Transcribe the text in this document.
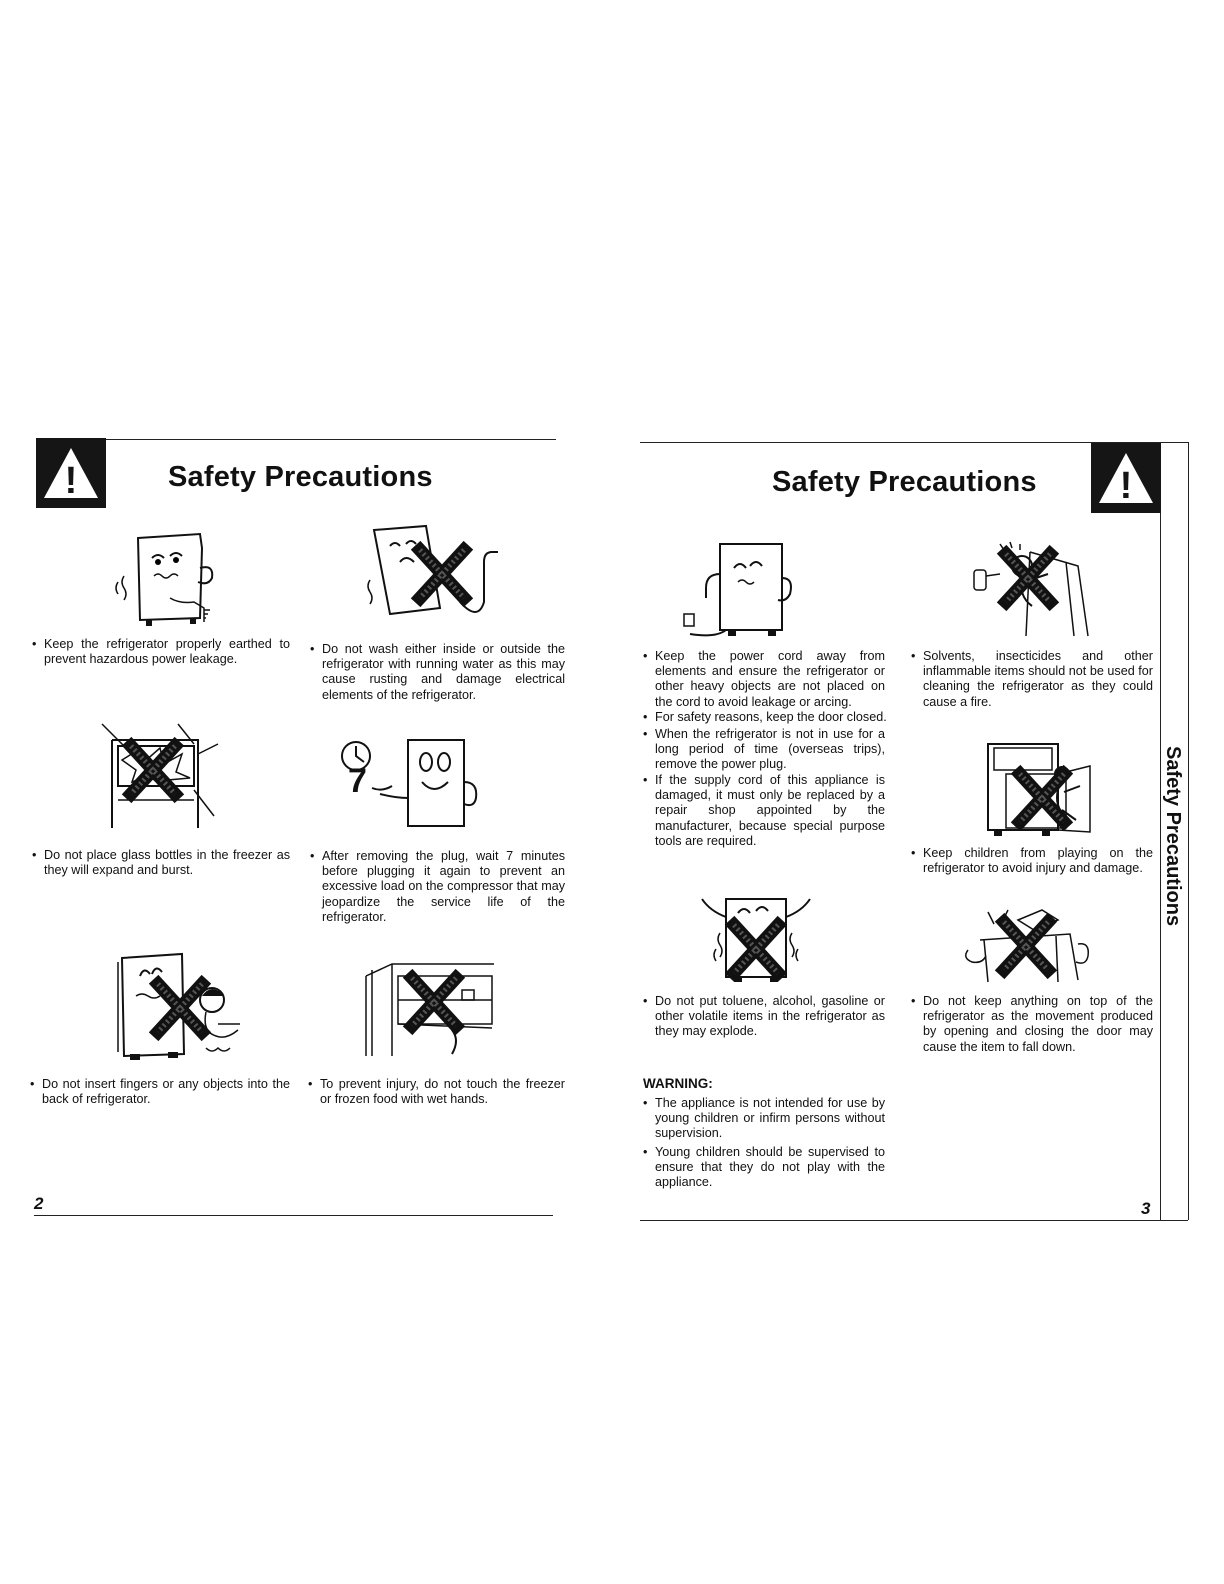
!	Safety Precautions
• Keep the refrigerator properly earthed to prevent hazardous power leakage.
• Do not wash either inside or outside the refrigerator with running water as this may cause rusting and damage electrical elements of the refrigerator.
7
• Do not place glass bottles in the freezer as they will expand and burst.
• After removing the plug, wait 7 minutes before plugging it again to prevent an excessive load on the compressor that may jeopardize the service life of the refrigerator.
• Do not insert fingers or any objects into the back of refrigerator.
• To prevent injury, do not touch the freezer or frozen food with wet hands.
2
!
Safety Precautions
Safety Precautions
• Keep the power cord away from elements and ensure the refrigerator or other heavy objects are not placed on the cord to avoid leakage or arcing.
• For safety reasons, keep the door closed.
• When the refrigerator is not in use for a long period of time (overseas trips), remove the power plug.
• If the supply cord of this appliance is damaged, it must only be replaced by a repair shop appointed by the manufacturer, because special purpose tools are required.
• Solvents, insecticides and other inflammable items should not be used for cleaning the refrigerator as they could cause a fire.
• Keep children from playing on the refrigerator to avoid injury and damage.
• Do not put toluene, alcohol, gasoline or other volatile items in the refrigerator as they may explode.
• Do not keep anything on top of the refrigerator as the movement produced by opening and closing the door may cause the item to fall down.
WARNING:
• The appliance is not intended for use by young children or infirm persons without supervision.
• Young children should be supervised to ensure that they do not play with the appliance.
3
